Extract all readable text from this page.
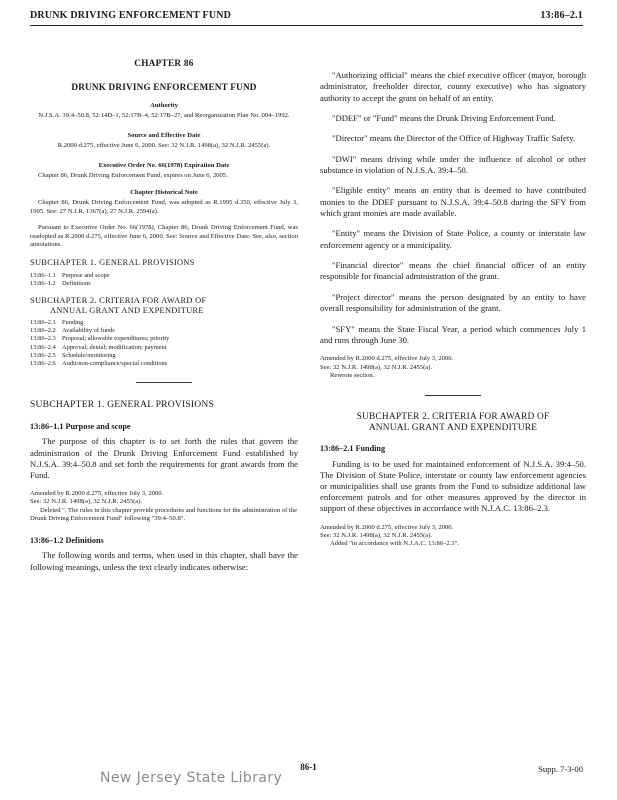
DRUNK DRIVING ENFORCEMENT FUND	13:86–2.1
CHAPTER 86
DRUNK DRIVING ENFORCEMENT FUND
Authority
N.J.S.A. 39:4–50.8, 52:14D–1, 52:17B–4, 52:17B–27, and Reorganization Plan No. 004–1992.
Source and Effective Date
R.2000 d.275, effective June 6, 2000. See: 32 N.J.R. 1498(a), 32 N.J.R. 2455(a).
Executive Order No. 66(1978) Expiration Date
Chapter 86, Drunk Driving Enforcement Fund, expires on June 6, 2005.
Chapter Historical Note
Chapter 86, Drunk Driving Enforcement Fund, was adopted as R.1995 d.350, effective July 3, 1995. See: 27 N.J.R. 1367(a), 27 N.J.R. 2594(a).
Pursuant to Executive Order No. 66(1978), Chapter 86, Drunk Driving Enforcement Fund, was readopted as R.2000 d.275, effective June 6, 2000. See: Source and Effective Date. See, also, section annotations.
SUBCHAPTER 1. GENERAL PROVISIONS
13:86–1.1 Purpose and scope
13:86–1.2 Definitions
SUBCHAPTER 2. CRITERIA FOR AWARD OF
ANNUAL GRANT AND EXPENDITURE
13:86–2.1 Funding
13:86–2.2 Availability of funds
13:86–2.3 Proposal; allowable expenditures; priority
13:86–2.4 Approval; denial; modification; payment
13:86–2.5 Schedule/monitoring
13:86–2.6 Audit/non-compliance/special conditions
SUBCHAPTER 1. GENERAL PROVISIONS
13:86–1.1 Purpose and scope
The purpose of this chapter is to set forth the rules that govern the administration of the Drunk Driving Enforcement Fund established by N.J.S.A. 39:4–50.8 and set forth the requirements for grant awards from the Fund.
Amended by R.2000 d.275, effective July 3, 2000.
See: 32 N.J.R. 1498(a), 32 N.J.R. 2455(a).
Deleted ". The rules in this chapter provide procedures and functions for the administration of the Drunk Driving Enforcement Fund" following "39:4–50.8".
13:86–1.2 Definitions
The following words and terms, when used in this chapter, shall have the following meanings, unless the text clearly indicates otherwise:
"Authorizing official" means the chief executive officer (mayor, borough administrator, freeholder director, county executive) who has signatory authority to accept the grant on behalf of an entity.
"DDEF" or "Fund" means the Drunk Driving Enforcement Fund.
"Director" means the Director of the Office of Highway Traffic Safety.
"DWI" means driving while under the influence of alcohol or other substance in violation of N.J.S.A. 39:4–50.
"Eligible entity" means an entity that is deemed to have contributed monies to the DDEF pursuant to N.J.S.A. 39:4–50.8 during the SFY from which grant monies are made available.
"Entity" means the Division of State Police, a county or interstate law enforcement agency or a municipality.
"Financial director" means the chief financial officer of an entity responsible for financial administration of the grant.
"Project director" means the person designated by an entity to have overall responsibility for administration of the grant.
"SFY" means the State Fiscal Year, a period which commences July 1 and runs through June 30.
Amended by R.2000 d.275, effective July 3, 2000.
See: 32 N.J.R. 1498(a), 32 N.J.R. 2455(a).
Rewrote section.
SUBCHAPTER 2. CRITERIA FOR AWARD OF
ANNUAL GRANT AND EXPENDITURE
13:86–2.1 Funding
Funding is to be used for maintained enforcement of N.J.S.A. 39:4–50. The Division of State Police, interstate or county law enforcement agencies or municipalities shall use grants from the Fund to subsidize additional law enforcement patrols and for other measures approved by the director in support of these objectives in accordance with N.J.A.C. 13:86–2.3.
Amended by R.2000 d.275, effective July 3, 2000.
See: 32 N.J.R. 1498(a), 32 N.J.R. 2455(a).
Added "in accordance with N.J.A.C. 13:86–2.3".
86-1	Supp. 7-3-00
New Jersey State Library
